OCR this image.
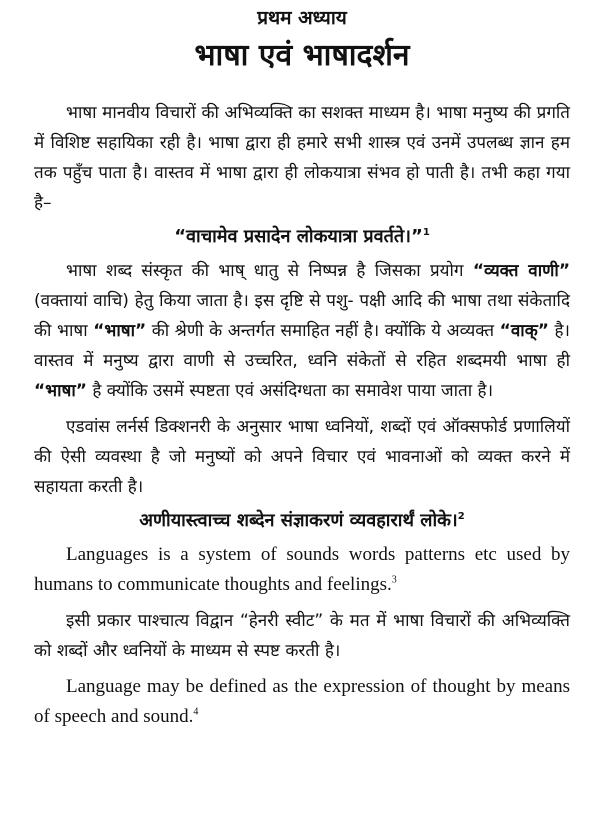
प्रथम अध्याय
भाषा एवं भाषादर्शन

भाषा मानवीय विचारों की अभिव्यक्ति का सशक्त माध्यम है। भाषा मनुष्य की प्रगति में विशिष्ट सहायिका रही है। भाषा द्वारा ही हमारे सभी शास्त्र एवं उनमें उपलब्ध ज्ञान हम तक पहुँच पाता है। वास्तव में भाषा द्वारा ही लोकयात्रा संभव हो पाती है। तभी कहा गया है–

“वाचामेव प्रसादेन लोकयात्रा प्रवर्तते।”$^1$

भाषा शब्द संस्कृत की भाष् धातु से निष्पन्न है जिसका प्रयोग “व्यक्त वाणी” (वक्तायां वाचि) हेतु किया जाता है। इस दृष्टि से पशु- पक्षी आदि की भाषा तथा संकेतादि की भाषा “भाषा” की श्रेणी के अन्तर्गत समाहित नहीं है। क्योंकि ये अव्यक्त “वाक्” है। वास्तव में मनुष्य द्वारा वाणी से उच्चरित, ध्वनि संकेतों से रहित शब्दमयी भाषा ही “भाषा” है क्योंकि उसमें स्पष्टता एवं असंदिग्धता का समावेश पाया जाता है।

एडवांस लर्नर्स डिक्शनरी के अनुसार भाषा ध्वनियों, शब्दों एवं ऑक्सफोर्ड प्रणालियों की ऐसी व्यवस्था है जो मनुष्यों को अपने विचार एवं भावनाओं को व्यक्त करने में सहायता करती है।

अणीयास्त्वाच्च शब्देन संज्ञाकरणं व्यवहारार्थं लोके।$^2$

Languages is a system of sounds words patterns etc used by humans to communicate thoughts and feelings.$^3$

इसी प्रकार पाश्चात्य विद्वान “हेनरी स्वीट” के मत में भाषा विचारों की अभिव्यक्ति को शब्दों और ध्वनियों के माध्यम से स्पष्ट करती है।

Language may be defined as the expression of thought by means of speech and sound.$^4$
